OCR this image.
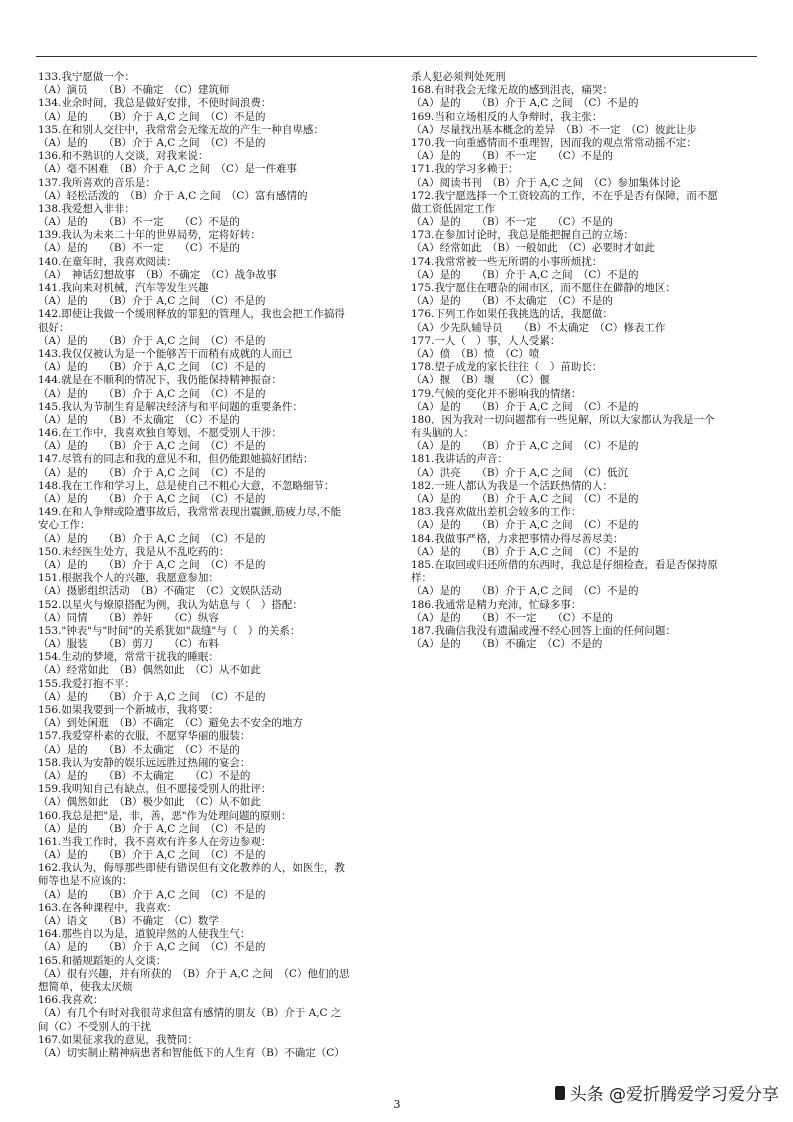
133.我宁愿做一个：
（A）演员　　（B）不确定　（C）建筑师
134.业余时间，我总是做好安排，不使时间浪费：
（A）是的　　（B）介于 A,C 之间　（C）不是的
135.在和别人交往中，我常常会无缘无故的产生一种自卑感：
（A）是的　　（B）介于 A,C 之间　（C）不是的
136.和不熟识的人交谈，对我来说：
（A）毫不困难　（B）介于 A,C 之间　（C）是一件难事
137.我所喜欢的音乐是：
（A）轻松活泼的　（B）介于 A,C 之间　（C）富有感情的
138.我爱想入非非：
（A）是的　　（B）不一定　　（C）不是的
139.我认为未来二十年的世界局势，定将好转：
（A）是的　　（B）不一定　　（C）不是的
140.在童年时，我喜欢阅读：
（A）　神话幻想故事　（B）不确定　（C）战争故事
141.我向来对机械，汽车等发生兴趣
（A）是的　　（B）介于 A,C 之间　（C）不是的
142.即使让我做一个缓刑释放的罪犯的管理人，我也会把工作搞得
很好：
（A）是的　　（B）介于 A,C 之间　（C）不是的
143.我仅仅被认为是一个能够苦干而稍有成就的人而已
（A）是的　　（B）介于 A,C 之间　（C）不是的
144.就是在不顺利的情况下，我仍能保持精神振奋：
（A）是的　　（B）介于 A,C 之间　（C）不是的
145.我认为节制生育是解决经济与和平问题的重要条件：
（A）是的　　（B）不太确定　（C）不是的
146.在工作中，我喜欢独自筹划，不愿受别人干涉：
（A）是的　　（B）介于 A,C 之间　（C）不是的
147.尽管有的同志和我的意见不和，但仍能跟她搞好团结：
（A）是的　　（B）介于 A,C 之间　（C）不是的
148.我在工作和学习上，总是使自己不粗心大意，不忽略细节：
（A）是的　　（B）介于 A,C 之间　（C）不是的
149.在和人争辩或险遭事故后，我常常表现出震颤,筋疲力尽,不能
安心工作：
（A）是的　　（B）介于 A,C 之间　（C）不是的
150.未经医生处方，我是从不乱吃药的：
（A）是的　　（B）介于 A,C 之间　（C）不是的
151.根据我个人的兴趣，我愿意参加：
（A）摄影组织活动　（B）不确定　（C）文娱队活动
152.以星火与燎原搭配为例，我认为姑息与（　）搭配：
（A）同情　　（B）养奸　　（C）纵容
153."钟表"与"时间"的关系犹如"裁缝"与（　）的关系：
（A）服装　　（B）剪刀　　（C）布料
154.生动的梦境，常常干扰我的睡眠：
（A）经常如此　（B）偶然如此　（C）从不如此
155.我爱打抱不平：
（A）是的　　（B）介于 A,C 之间　（C）不是的
156.如果我要到一个新城市，我将要：
（A）到处闲逛　（B）不确定　（C）避免去不安全的地方
157.我爱穿朴素的衣服，不愿穿华丽的服装：
（A）是的　　（B）不太确定　（C）不是的
158.我认为安静的娱乐远远胜过热闹的宴会：
（A）是的　　（B）不太确定　　（C）不是的
159.我明知自己有缺点，但不愿接受别人的批评：
（A）偶然如此　（B）极少如此　（C）从不如此
160.我总是把"是，非，善，恶"作为处理问题的原则：
（A）是的　　（B）介于 A,C 之间　（C）不是的
161.当我工作时，我不喜欢有许多人在旁边参观：
（A）是的　　（B）介于 A,C 之间　（C）不是的
162.我认为，侮辱那些即使有错误但有文化教养的人，如医生，教
师等也是不应该的：
（A）是的　　（B）介于 A,C 之间　（C）不是的
163.在各种课程中，我喜欢：
（A）语文　　（B）不确定　（C）数学
164.那些自以为是，道貌岸然的人使我生气：
（A）是的　　（B）介于 A,C 之间　（C）不是的
165.和循规蹈矩的人交谈：
（A）很有兴趣，并有所获的　（B）介于 A,C 之间　（C）他们的思
想简单，使我太厌烦
166.我喜欢：
（A）有几个有时对我很苛求但富有感情的朋友（B）介于 A,C 之
间（C）不受别人的干扰
167.如果征求我的意见，我赞同：
（A）切实制止精神病患者和智能低下的人生育（B）不确定（C）
杀人犯必须判处死刑
168.有时我会无缘无故的感到沮丧，痛哭：
（A）是的　　（B）介于 A,C 之间　（C）不是的
169.当和立场相反的人争辩时，我主张：
（A）尽量找出基本概念的差异　（B）不一定　（C）彼此让步
170.我一向重感情而不重理智，因而我的观点常常动摇不定：
（A）是的　　（B）不一定　　（C）不是的
171.我的学习多赖于：
（A）阅读书刊　（B）介于 A,C 之间　（C）参加集体讨论
172.我宁愿选择一个工资较高的工作，不在乎是否有保障，而不愿
做工资低固定工作
（A）是的　　（B）不一定　　（C）不是的
173.在参加讨论时，我总是能把握自己的立场：
（A）经常如此　（B）一般如此　（C）必要时才如此
174.我常常被一些无所谓的小事所烦扰：
（A）是的　　（B）介于 A,C 之间　（C）不是的
175.我宁愿住在嘈杂的闹市区，而不愿住在僻静的地区：
（A）是的　　（B）不太确定　（C）不是的
176.下列工作如果任我挑选的话，我愿做：
（A）少先队辅导员　　（B）不太确定　（C）修表工作
177.一人（　）事，人人受累：
（A）偾　（B）愤　（C）喷
178.望子成龙的家长往往（　）苗助长：
（A）揠　（B）堰　　（C）偃
179.气候的变化并不影响我的情绪：
（A）是的　　（B）介于 A,C 之间　（C）不是的
180．因为我对一切问题都有一些见解，所以大家都认为我是一个
有头脑的人：
（A）是的　　（B）介于 A,C 之间　（C）不是的
181.我讲话的声音：
（A）洪亮　　（B）介于 A,C 之间　（C）低沉
182.一班人都认为我是一个活跃热情的人：
（A）是的　　（B）介于 A,C 之间　（C）不是的
183.我喜欢做出差机会较多的工作：
（A）是的　　（B）介于 A,C 之间　（C）不是的
184.我做事严格，力求把事情办得尽善尽美：
（A）是的　　（B）介于 A,C 之间　（C）不是的
185.在取回或归还所借的东西时，我总是仔细检查，看是否保持原
样：
（A）是的　　（B）介于 A,C 之间　（C）不是的
186.我通常是精力充沛，忙碌多事：
（A）是的　　（B）不一定　　（C）不是的
187.我确信我没有遗漏或漫不经心回答上面的任何问题：
（A）是的　　（B）不确定　（C）不是的
3	头条 @爱折腾爱学习爱分享
